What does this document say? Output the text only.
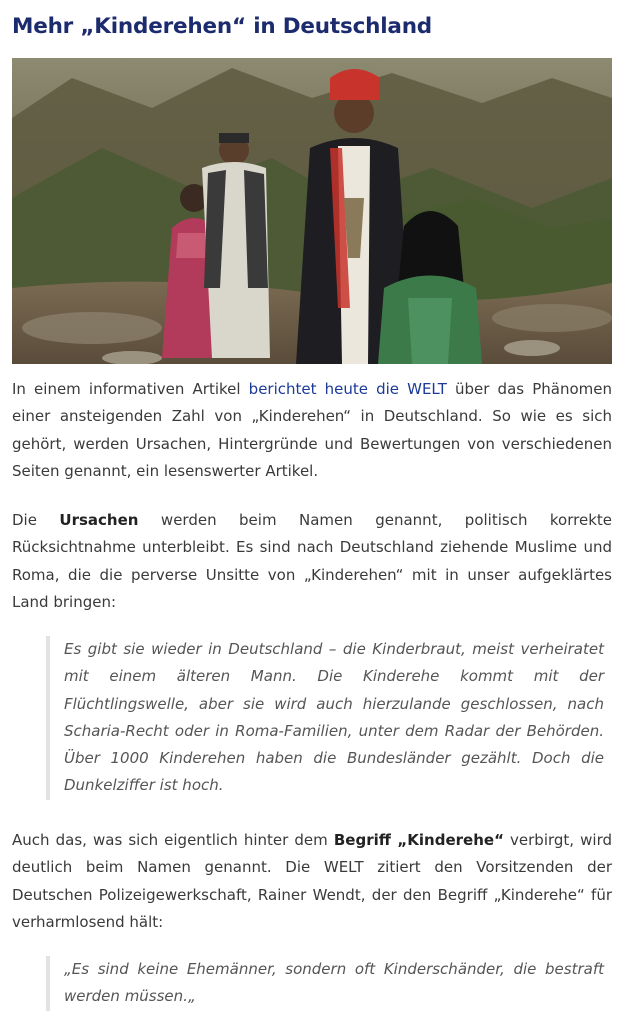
Mehr „Kinderehen“ in Deutschland

In einem informativen Artikel berichtet heute die WELT über das Phänomen einer ansteigenden Zahl von „Kinderehen“ in Deutschland. So wie es sich gehört, werden Ursachen, Hintergründe und Bewertungen von verschiedenen Seiten genannt, ein lesenswerter Artikel.

Die Ursachen werden beim Namen genannt, politisch korrekte Rücksichtnahme unterbleibt. Es sind nach Deutschland ziehende Muslime und Roma, die die perverse Unsitte von „Kinderehen“ mit in unser aufgeklärtes Land bringen:

Es gibt sie wieder in Deutschland – die Kinderbraut, meist verheiratet mit einem älteren Mann. Die Kinderehe kommt mit der Flüchtlingswelle, aber sie wird auch hierzulande geschlossen, nach Scharia-Recht oder in Roma-Familien, unter dem Radar der Behörden. Über 1000 Kinderehen haben die Bundesländer gezählt. Doch die Dunkelziffer ist hoch.

Auch das, was sich eigentlich hinter dem Begriff „Kinderehe“ verbirgt, wird deutlich beim Namen genannt. Die WELT zitiert den Vorsitzenden der Deutschen Polizeigewerkschaft, Rainer Wendt, der den Begriff „Kinderehe“ für verharmlosend hält:

„Es sind keine Ehemänner, sondern oft Kinderschänder, die bestraft werden müssen.„
